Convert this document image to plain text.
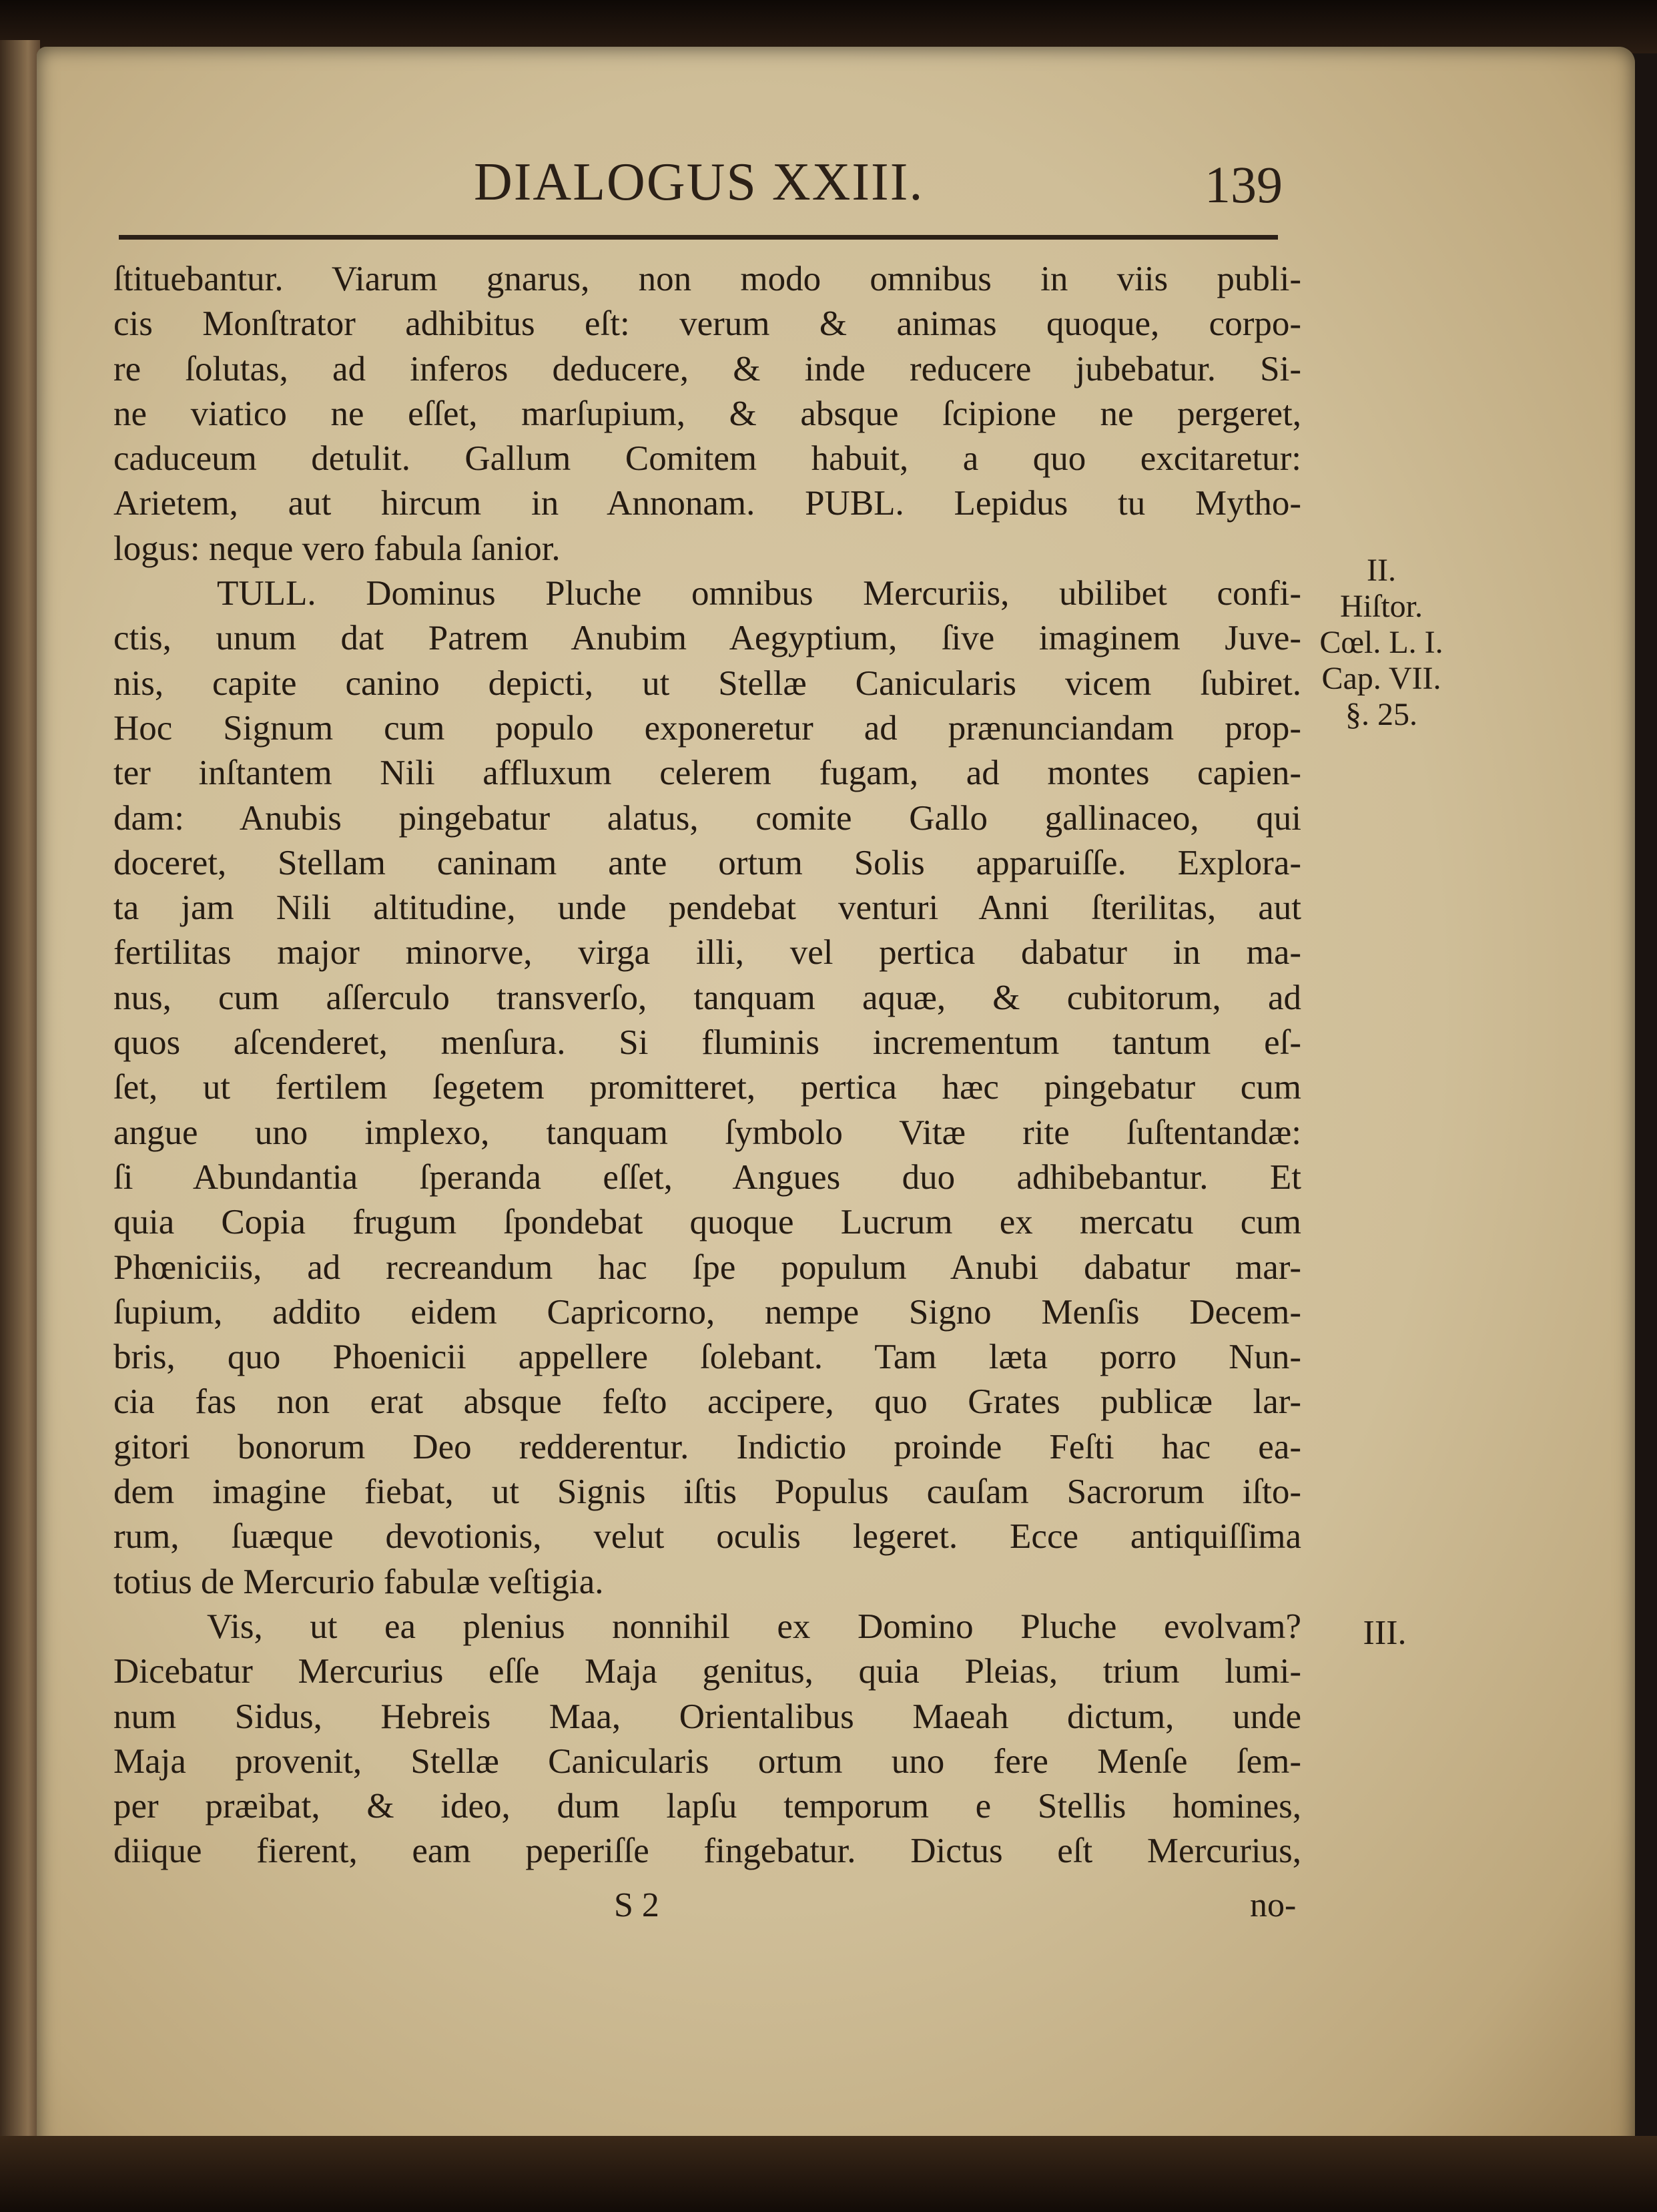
DIALOGUS XXIII.	139
ſtituebantur. Viarum gnarus, non modo omnibus in viis publi-
cis Monſtrator adhibitus eſt: verum & animas quoque, corpo-
re ſolutas, ad inferos deducere, & inde reducere jubebatur. Si-
ne viatico ne eſſet, marſupium, & absque ſcipione ne pergeret,
caduceum detulit. Gallum Comitem habuit, a quo excitaretur:
Arietem, aut hircum in Annonam. PUBL. Lepidus tu Mytho-
logus: neque vero fabula ſanior.
TULL. Dominus Pluche omnibus Mercuriis, ubilibet confi-
ctis, unum dat Patrem Anubim Aegyptium, ſive imaginem Juve-
nis, capite canino depicti, ut Stellæ Canicularis vicem ſubiret.
Hoc Signum cum populo exponeretur ad prænunciandam prop-
ter inſtantem Nili affluxum celerem fugam, ad montes capien-
dam: Anubis pingebatur alatus, comite Gallo gallinaceo, qui
doceret, Stellam caninam ante ortum Solis apparuiſſe. Explora-
ta jam Nili altitudine, unde pendebat venturi Anni ſterilitas, aut
fertilitas major minorve, virga illi, vel pertica dabatur in ma-
nus, cum aſſerculo transverſo, tanquam aquæ, & cubitorum, ad
quos aſcenderet, menſura. Si fluminis incrementum tantum eſ-
ſet, ut fertilem ſegetem promitteret, pertica hæc pingebatur cum
angue uno implexo, tanquam ſymbolo Vitæ rite ſuſtentandæ:
ſi Abundantia ſperanda eſſet, Angues duo adhibebantur. Et
quia Copia frugum ſpondebat quoque Lucrum ex mercatu cum
Phœniciis, ad recreandum hac ſpe populum Anubi dabatur mar-
ſupium, addito eidem Capricorno, nempe Signo Menſis Decem-
bris, quo Phoenicii appellere ſolebant. Tam læta porro Nun-
cia fas non erat absque feſto accipere, quo Grates publicæ lar-
gitori bonorum Deo redderentur. Indictio proinde Feſti hac ea-
dem imagine fiebat, ut Signis iſtis Populus cauſam Sacrorum iſto-
rum, ſuæque devotionis, velut oculis legeret. Ecce antiquiſſima
totius de Mercurio fabulæ veſtigia.
Vis, ut ea plenius nonnihil ex Domino Pluche evolvam?
Dicebatur Mercurius eſſe Maja genitus, quia Pleias, trium lumi-
num Sidus, Hebreis Maa, Orientalibus Maeah dictum, unde
Maja provenit, Stellæ Canicularis ortum uno fere Menſe ſem-
per præibat, & ideo, dum lapſu temporum e Stellis homines,
diique fierent, eam peperiſſe fingebatur. Dictus eſt Mercurius,
II.
Hiſtor.
Cœl. L. I.
Cap. VII.
§. 25.
III.
S 2	no-
